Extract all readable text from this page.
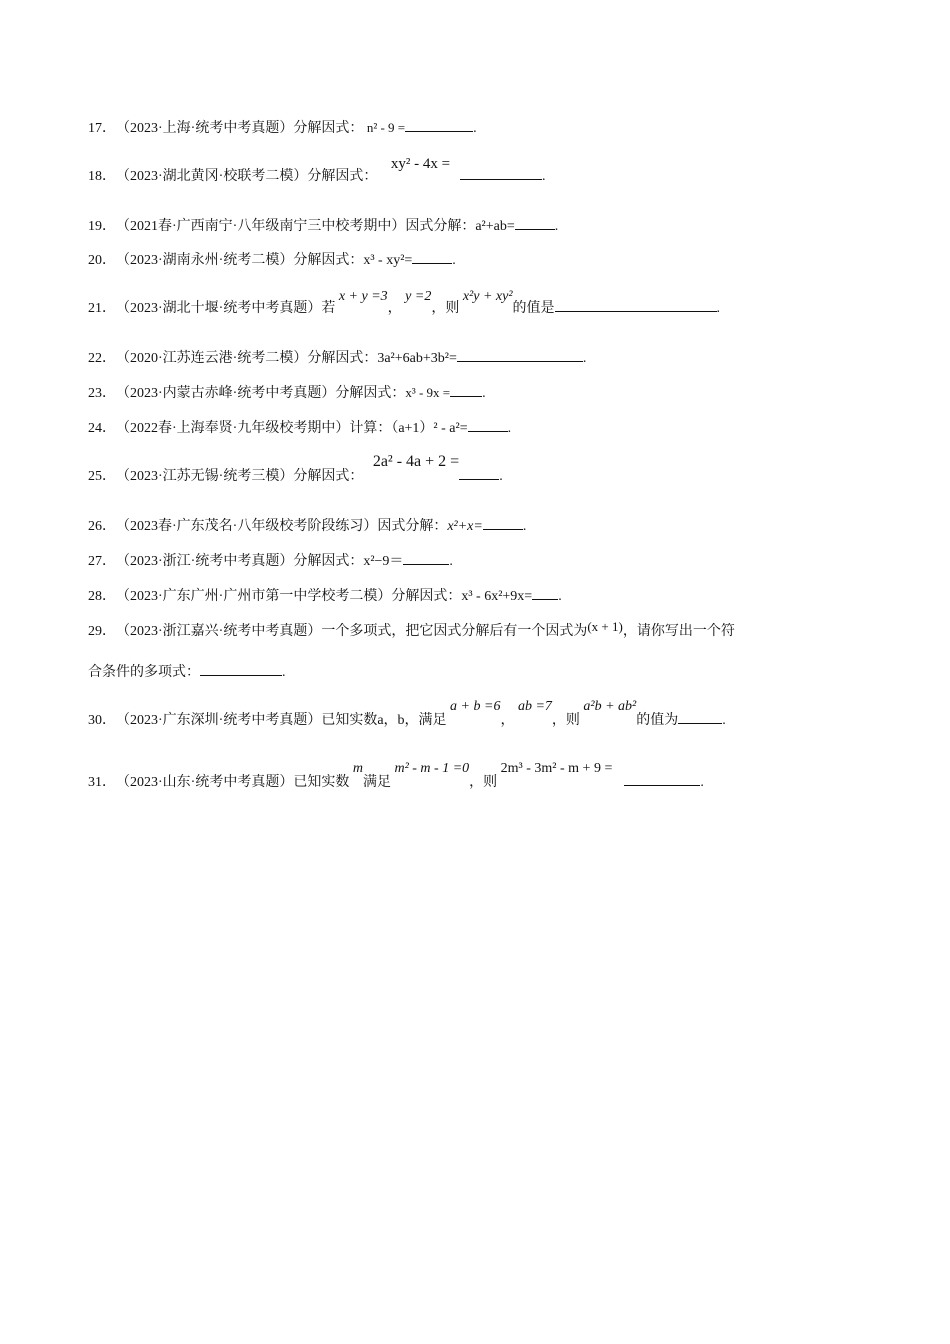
17．（2023·上海·统考中考真题）分解因式： n² - 9 =	.
18．（2023·湖北黄冈·校联考二模）分解因式： xy² - 4x =.
19．（2021春·广西南宁·八年级南宁三中校考期中）因式分解：a²+ab=	.
20．（2023·湖南永州·统考二模）分解因式：x³ - xy²=	.
21．（2023·湖北十堰·统考中考真题）若 x + y =3， y =2，则 x²y + xy²的值是	.
22．（2020·江苏连云港·统考二模）分解因式：3a²+6ab+3b²=	.
23．（2023·内蒙古赤峰·统考中考真题）分解因式：x³ - 9x = .
24．（2022春·上海奉贤·九年级校考期中）计算：（a+1）² - a²=	.
25．（2023·江苏无锡·统考三模）分解因式： 2a² - 4a + 2 =.
26．（2023春·广东茂名·八年级校考阶段练习）因式分解：x²+x=	.
27．（2023·浙江·统考中考真题）分解因式：x²−9＝	.
28．（2023·广东广州·广州市第一中学校考二模）分解因式：x³ - 6x²+9x= .
29．（2023·浙江嘉兴·统考中考真题）一个多项式，把它因式分解后有一个因式为(x + 1)，请你写出一个符
合条件的多项式：	.
30．（2023·广东深圳·统考中考真题）已知实数a，b，满足 a + b =6， ab =7，则 a²b + ab²的值为	.
31．（2023·山东·统考中考真题）已知实数 m满足 m² - m - 1 =0，则 2m³ - 3m² - m + 9 =.
